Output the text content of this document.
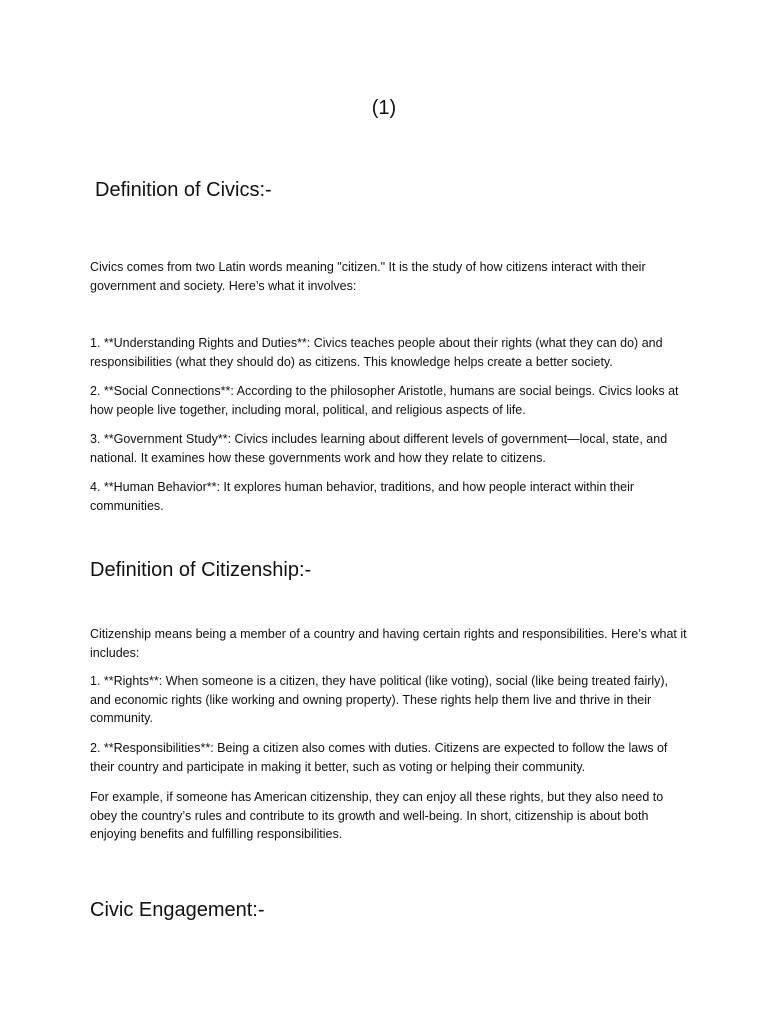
(1)
Definition of Civics:-

Civics comes from two Latin words meaning "citizen." It is the study of how citizens interact with their government and society. Here’s what it involves:

1. **Understanding Rights and Duties**: Civics teaches people about their rights (what they can do) and responsibilities (what they should do) as citizens. This knowledge helps create a better society.

2. **Social Connections**: According to the philosopher Aristotle, humans are social beings. Civics looks at how people live together, including moral, political, and religious aspects of life.

3. **Government Study**: Civics includes learning about different levels of government—local, state, and national. It examines how these governments work and how they relate to citizens.

4. **Human Behavior**: It explores human behavior, traditions, and how people interact within their communities.

Definition of Citizenship:-

Citizenship means being a member of a country and having certain rights and responsibilities. Here’s what it includes:

1. **Rights**: When someone is a citizen, they have political (like voting), social (like being treated fairly), and economic rights (like working and owning property). These rights help them live and thrive in their community.

2. **Responsibilities**: Being a citizen also comes with duties. Citizens are expected to follow the laws of their country and participate in making it better, such as voting or helping their community.

For example, if someone has American citizenship, they can enjoy all these rights, but they also need to obey the country’s rules and contribute to its growth and well-being. In short, citizenship is about both enjoying benefits and fulfilling responsibilities.

Civic Engagement:-
